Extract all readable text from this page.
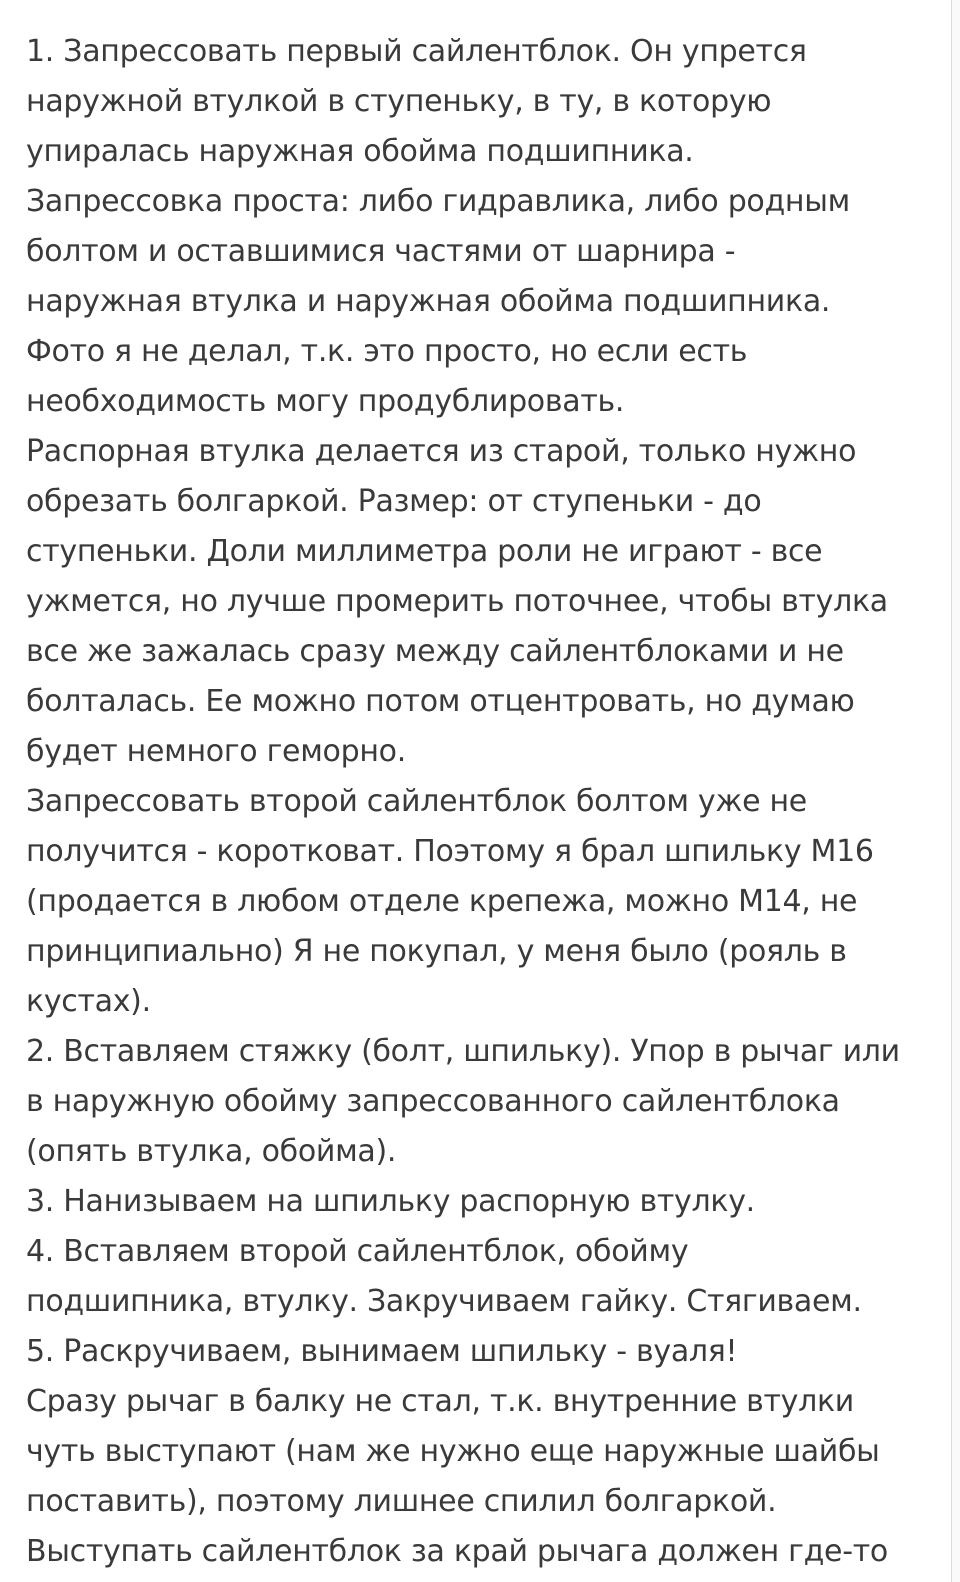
1. Запрессовать первый сайлентблок. Он упрется
наружной втулкой в ступеньку, в ту, в которую
упиралась наружная обойма подшипника.
Запрессовка проста: либо гидравлика, либо родным
болтом и оставшимися частями от шарнира -
наружная втулка и наружная обойма подшипника.
Фото я не делал, т.к. это просто, но если есть
необходимость могу продублировать.
Распорная втулка делается из старой, только нужно
обрезать болгаркой. Размер: от ступеньки - до
ступеньки. Доли миллиметра роли не играют - все
ужмется, но лучше промерить поточнее, чтобы втулка
все же зажалась сразу между сайлентблоками и не
болталась. Ее можно потом отцентровать, но думаю
будет немного геморно.
Запрессовать второй сайлентблок болтом уже не
получится - коротковат. Поэтому я брал шпильку М16
(продается в любом отделе крепежа, можно М14, не
принципиально) Я не покупал, у меня было (рояль в
кустах).
2. Вставляем стяжку (болт, шпильку). Упор в рычаг или
в наружную обойму запрессованного сайлентблока
(опять втулка, обойма).
3. Нанизываем на шпильку распорную втулку.
4. Вставляем второй сайлентблок, обойму
подшипника, втулку. Закручиваем гайку. Стягиваем.
5. Раскручиваем, вынимаем шпильку - вуаля!
Сразу рычаг в балку не стал, т.к. внутренние втулки
чуть выступают (нам же нужно еще наружные шайбы
поставить), поэтому лишнее спилил болгаркой.
Выступать сайлентблок за край рычага должен где-то
